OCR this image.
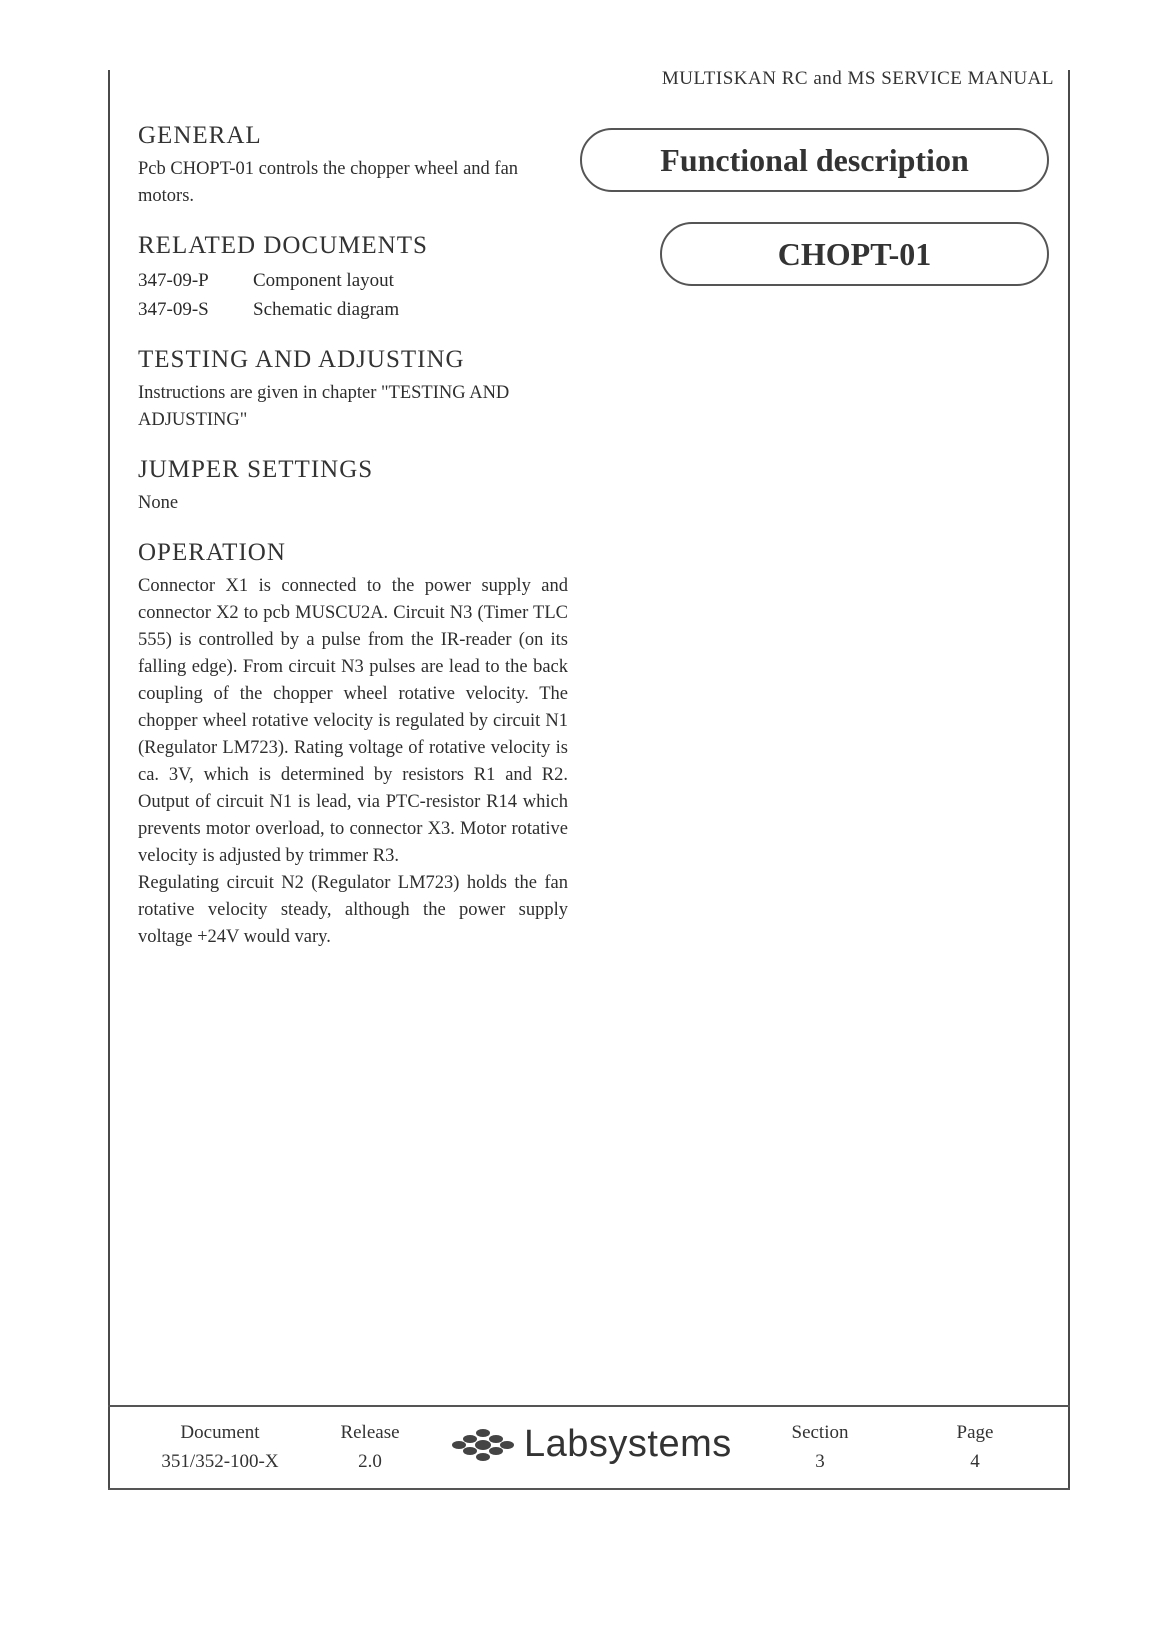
MULTISKAN RC and MS SERVICE MANUAL
Functional description
CHOPT-01
GENERAL

Pcb CHOPT-01 controls the chopper wheel and fan motors.

RELATED DOCUMENTS
347-09-P Component layout
347-09-S Schematic diagram
TESTING AND ADJUSTING

Instructions are given in chapter "TESTING AND ADJUSTING"

JUMPER SETTINGS

None

OPERATION

Connector X1 is connected to the power supply and connector X2 to pcb MUSCU2A. Circuit N3 (Timer TLC 555) is controlled by a pulse from the IR-reader (on its falling edge). From circuit N3 pulses are lead to the back coupling of the chopper wheel rotative velocity. The chopper wheel rotative velocity is regulated by circuit N1 (Regulator LM723). Rating voltage of rotative velocity is ca. 3V, which is determined by resistors R1 and R2. Output of circuit N1 is lead, via PTC-resistor R14 which prevents motor overload, to connector X3. Motor rotative velocity is adjusted by trimmer R3.

Regulating circuit N2 (Regulator LM723) holds the fan rotative velocity steady, although the power supply voltage +24V would vary.

Document
351/352-100-X
Release
2.0	Labsystems	Section
3
Page
4
